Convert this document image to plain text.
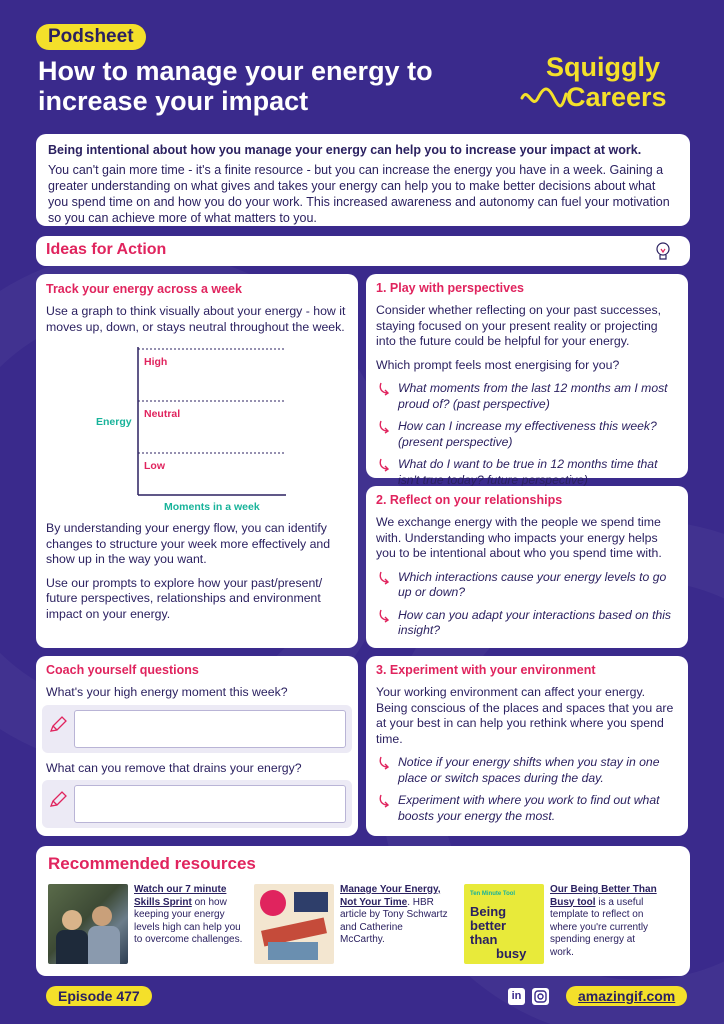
Podsheet
How to manage your energy to
increase your impact
Squiggly
Careers
Being intentional about how you manage your energy can help you to increase your impact at work.
You can't gain more time - it's a finite resource - but you can increase the energy you have in a week. Gaining a greater understanding on what gives and takes your energy can help you to make better decisions about what you spend time on and how you do your work. This increased awareness and autonomy can fuel your motivation so you can achieve more of what matters to you.
Ideas for Action
Track your energy across a week
Use a graph to think visually about your energy - how it moves up, down, or stays neutral throughout the week.
High
Neutral
Low
Energy
Moments in a week
By understanding your energy flow, you can identify changes to structure your week more effectively and show up in the way you want.
Use our prompts to explore how your past/present/ future perspectives, relationships and environment impact on your energy.
1. Play with perspectives
Consider whether reflecting on your past successes, staying focused on your present reality or projecting into the future could be helpful for your energy.
Which prompt feels most energising for you?
What moments from the last 12 months am I most proud of? (past perspective)
How can I increase my effectiveness this week? (present perspective)
What do I want to be true in 12 months time that isn't true today? future perspective)
2. Reflect on your relationships
We exchange energy with the people we spend time with. Understanding who impacts your energy helps you to be intentional about who you spend time with.
Which interactions cause your energy levels to go up or down?
How can you adapt your interactions based on this insight?
Coach yourself questions
What's your high energy moment this week?
What can you remove that drains your energy?
3. Experiment with your environment
Your working environment can affect your energy. Being conscious of the places and spaces that you are at your best in can help you rethink where you spend time.
Notice if your energy shifts when you stay in one place or switch spaces during the day.
Experiment with where you work to find out what boosts your energy the most.
Recommended resources
Watch our 7 minute Skills Sprint on how keeping your energy levels high can help you to overcome challenges.
Manage Your Energy, Not Your Time. HBR article by Tony Schwartz and Catherine McCarthy.
Ten Minute Tool
Being
better
than
busy
Our Being Better Than Busy tool is a useful template to reflect on where you're currently spending energy at work.
Episode 477	in	amazingif.com
